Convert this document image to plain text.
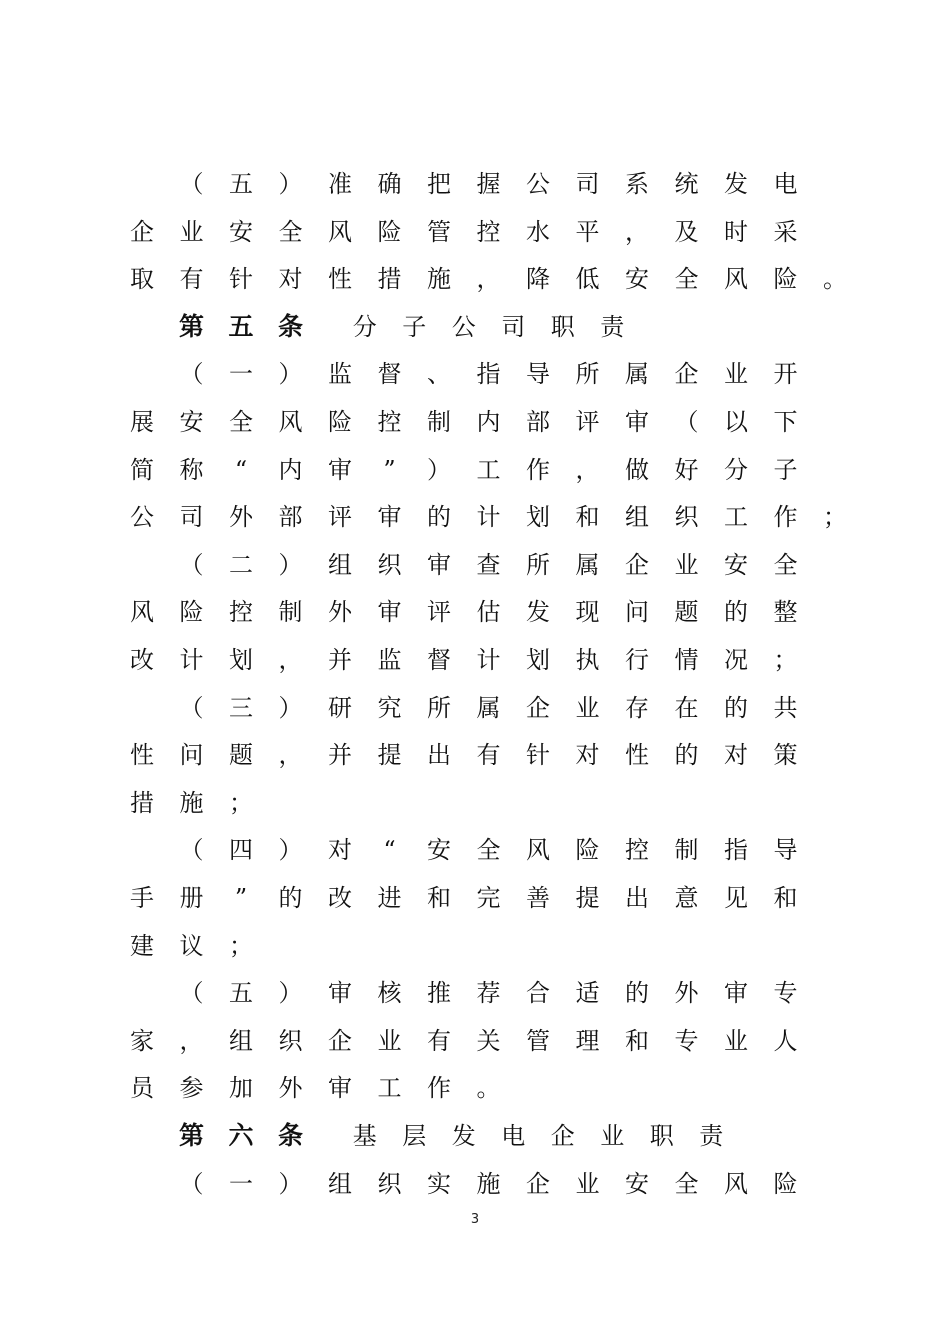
（	五	）	准	确	把	握	公	司	系	统	发	电
企	业	安	全	风	险	管	控	水	平	，	及	时	采
取	有	针	对	性	措	施	，	降	低	安	全	风	险	。
第 五 条	分	子	公	司	职	责
（	一	）	监	督	、	指	导	所	属	企	业	开
展	安	全	风	险	控	制	内	部	评	审	（	以	下
简	称	“	内	审	”	）	工	作	，	做	好	分	子
公	司	外	部	评	审	的	计	划	和	组	织	工	作	；
（	二	）	组	织	审	查	所	属	企	业	安	全
风	险	控	制	外	审	评	估	发	现	问	题	的	整
改	计	划	，	并	监	督	计	划	执	行	情	况	；
（	三	）	研	究	所	属	企	业	存	在	的	共
性	问	题	，	并	提	出	有	针	对	性	的	对	策
措	施	；
（	四	）	对	“	安	全	风	险	控	制	指	导
手	册	”	的	改	进	和	完	善	提	出	意	见	和
建	议	；
（	五	）	审	核	推	荐	合	适	的	外	审	专
家	，	组	织	企	业	有	关	管	理	和	专	业	人
员	参	加	外	审	工	作	。
第 六 条	基	层	发	电	企	业	职	责
（	一	）	组	织	实	施	企	业	安	全	风	险
3
